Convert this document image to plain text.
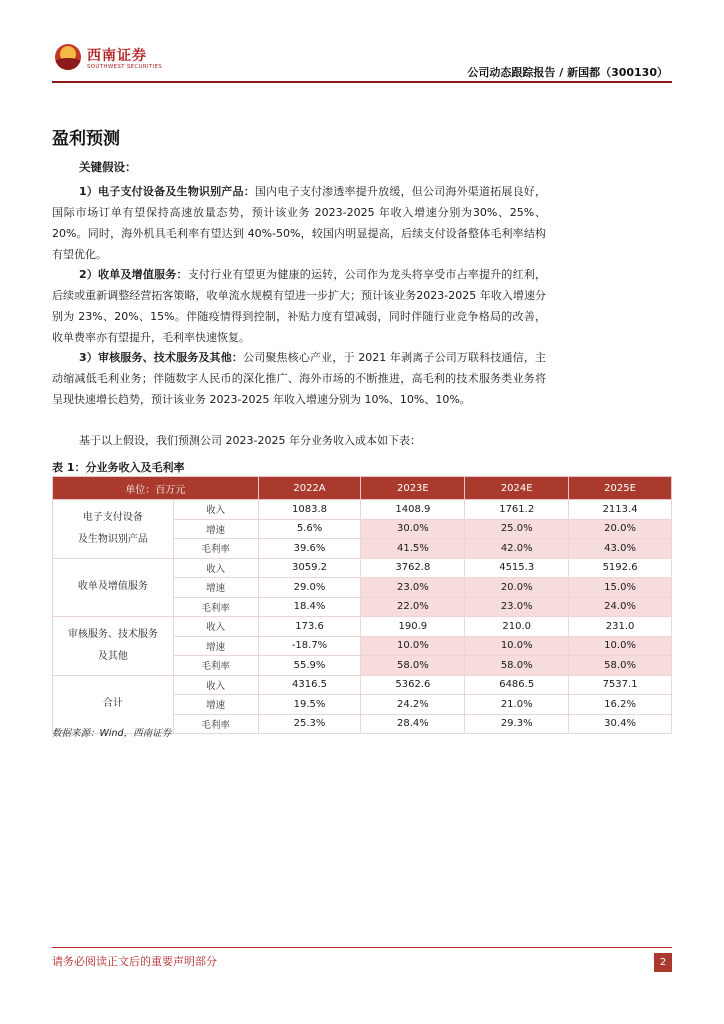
西南证券
SOUTHWEST SECURITIES	公司动态跟踪报告 / 新国都（300130）
盈利预测
关键假设：
1）电子支付设备及生物识别产品：国内电子支付渗透率提升放缓，但公司海外渠道拓展良好，国际市场订单有望保持高速放量态势，预计该业务 2023-2025 年收入增速分别为30%、25%、20%。同时，海外机具毛利率有望达到 40%-50%，较国内明显提高，后续支付设备整体毛利率结构有望优化。
2）收单及增值服务：支付行业有望更为健康的运转，公司作为龙头将享受市占率提升的红利，后续或重新调整经营拓客策略，收单流水规模有望进一步扩大；预计该业务2023-2025 年收入增速分别为 23%、20%、15%。伴随疫情得到控制，补贴力度有望减弱，同时伴随行业竞争格局的改善，收单费率亦有望提升，毛利率快速恢复。
3）审核服务、技术服务及其他：公司聚焦核心产业，于 2021 年剥离子公司万联科技通信，主动缩减低毛利业务；伴随数字人民币的深化推广、海外市场的不断推进，高毛利的技术服务类业务将呈现快速增长趋势，预计该业务 2023-2025 年收入增速分别为 10%、10%、10%。
基于以上假设，我们预测公司 2023-2025 年分业务收入成本如下表：
表 1：分业务收入及毛利率
单位：百万元		2022A	2023E	2024E	2025E

电子支付设备
及生物识别产品	收入	1083.8	1408.9	1761.2	2113.4
	增速	5.6%	30.0%	25.0%	20.0%
	毛利率	39.6%	41.5%	42.0%	43.0%

收单及增值服务	收入	3059.2	3762.8	4515.3	5192.6
	增速	29.0%	23.0%	20.0%	15.0%
	毛利率	18.4%	22.0%	23.0%	24.0%

审核服务、技术服务
及其他	收入	173.6	190.9	210.0	231.0
	增速	-18.7%	10.0%	10.0%	10.0%
	毛利率	55.9%	58.0%	58.0%	58.0%

合计	收入	4316.5	5362.6	6486.5	7537.1
	增速	19.5%	24.2%	21.0%	16.2%
	毛利率	25.3%	28.4%	29.3%	30.4%
数据来源：Wind，西南证券
请务必阅读正文后的重要声明部分	2
